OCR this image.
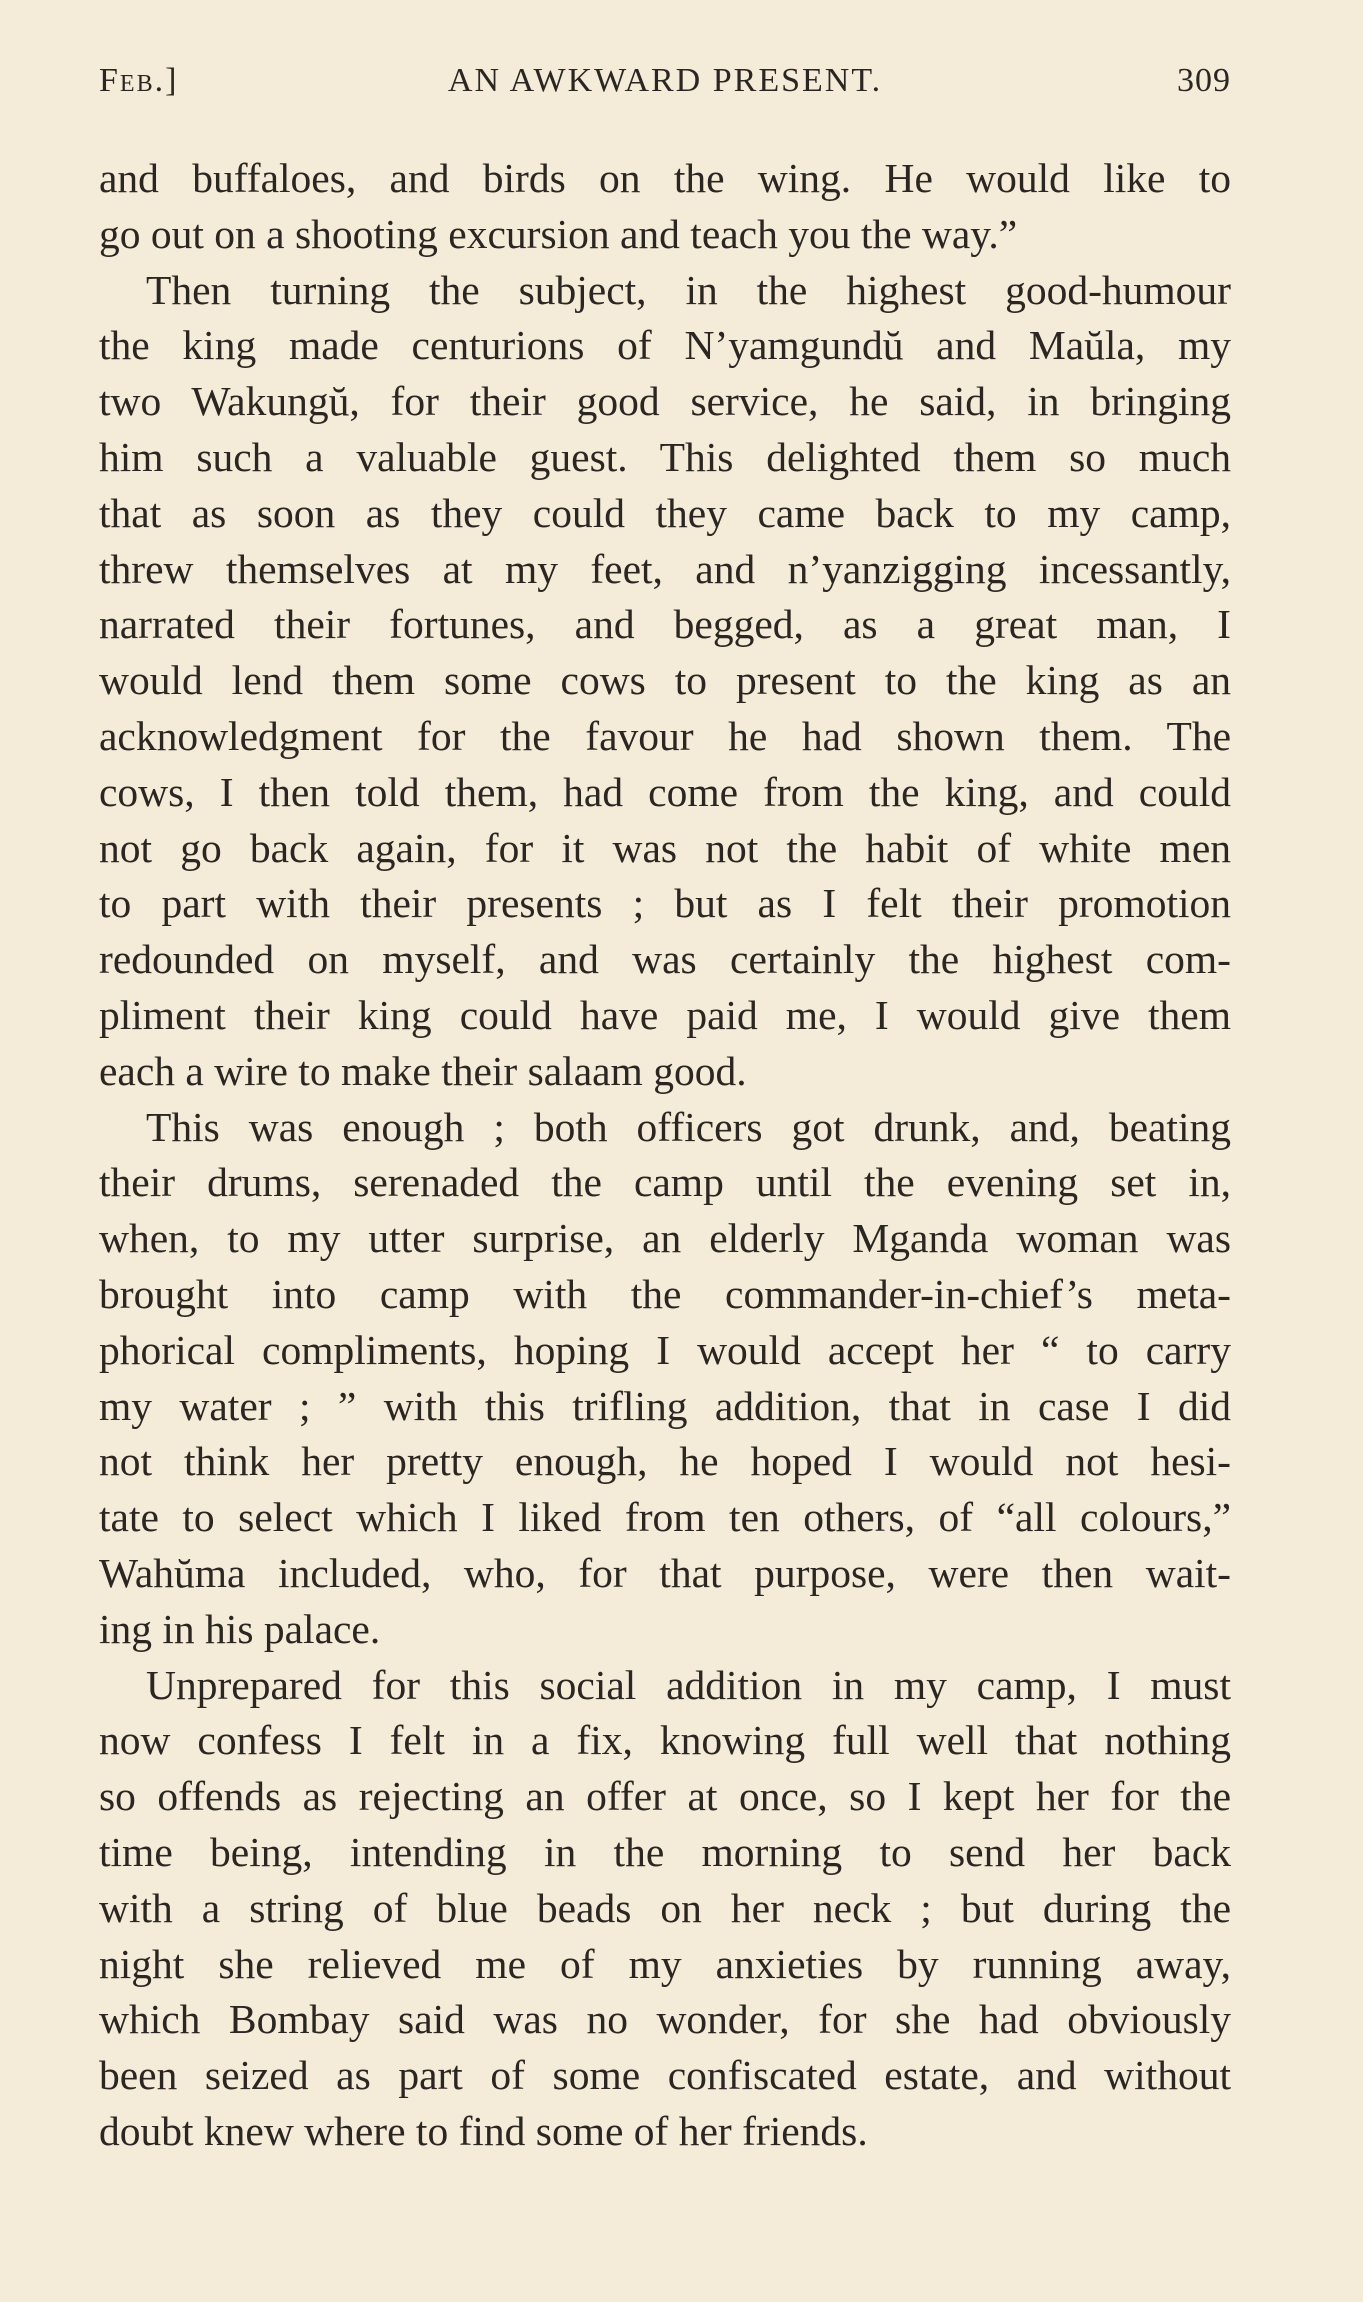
Feb.]	AN AWKWARD PRESENT.	309
and buffaloes, and birds on the wing. He would like to
go out on a shooting excursion and teach you the way.”
Then turning the subject, in the highest good-humour
the king made centurions of N’yamgundŭ and Maŭla, my
two Wakungŭ, for their good service, he said, in bringing
him such a valuable guest. This delighted them so much
that as soon as they could they came back to my camp,
threw themselves at my feet, and n’yanzigging incessantly,
narrated their fortunes, and begged, as a great man, I
would lend them some cows to present to the king as an
acknowledgment for the favour he had shown them. The
cows, I then told them, had come from the king, and could
not go back again, for it was not the habit of white men
to part with their presents ; but as I felt their promotion
redounded on myself, and was certainly the highest com-
pliment their king could have paid me, I would give them
each a wire to make their salaam good.
This was enough ; both officers got drunk, and, beating
their drums, serenaded the camp until the evening set in,
when, to my utter surprise, an elderly Mganda woman was
brought into camp with the commander-in-chief’s meta-
phorical compliments, hoping I would accept her “ to carry
my water ; ” with this trifling addition, that in case I did
not think her pretty enough, he hoped I would not hesi-
tate to select which I liked from ten others, of “all colours,”
Wahŭma included, who, for that purpose, were then wait-
ing in his palace.
Unprepared for this social addition in my camp, I must
now confess I felt in a fix, knowing full well that nothing
so offends as rejecting an offer at once, so I kept her for the
time being, intending in the morning to send her back
with a string of blue beads on her neck ; but during the
night she relieved me of my anxieties by running away,
which Bombay said was no wonder, for she had obviously
been seized as part of some confiscated estate, and without
doubt knew where to find some of her friends.
